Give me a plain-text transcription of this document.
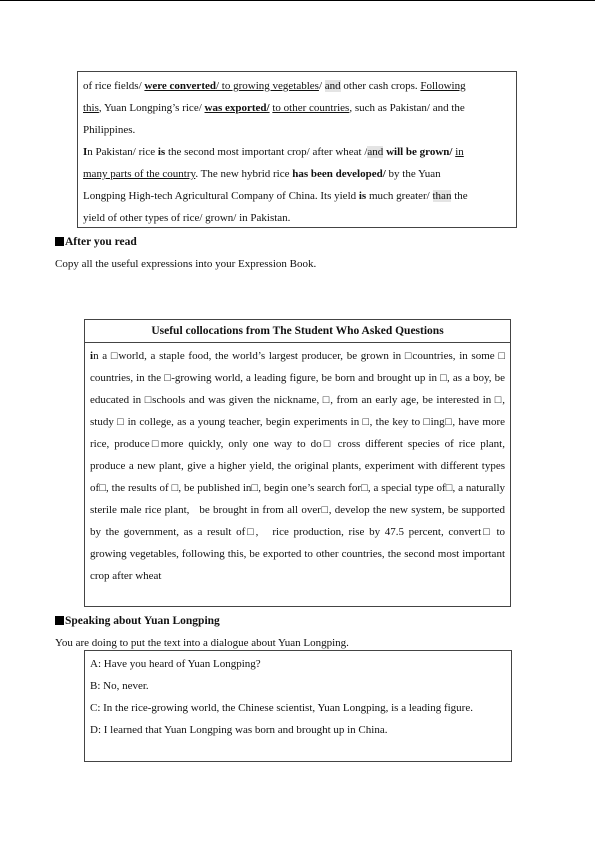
of rice fields/ were converted/ to growing vegetables/ and other cash crops. Following

this, Yuan Longping’s rice/ was exported/ to other countries, such as Pakistan/ and the

Philippines.

In Pakistan/ rice is the second most important crop/ after wheat /and will be grown/ in

many parts of the country. The new hybrid rice has been developed/ by the Yuan

Longping High-tech Agricultural Company of China. Its yield is much greater/ than the

yield of other types of rice/ grown/ in Pakistan.

After you read
Copy all the useful expressions into your Expression Book.
Useful collocations from The Student Who Asked Questions

in a □world, a staple food, the world’s largest producer, be grown in □countries, in some □ countries, in the □-growing world, a leading figure, be born and brought up in □, as a boy, be educated in □schools and was given the nickname, □, from an early age, be interested in □, study □ in college, as a young teacher, begin experiments in □, the key to □ing□, have more rice, produce□more quickly, only one way to do□ cross different species of rice plant, produce a new plant, give a higher yield, the original plants, experiment with different types of□, the results of □, be published in□, begin one’s search for□, a special type of□, a naturally sterile male rice plant,   be brought in from all over□, develop the new system, be supported by the government, as a result of□,   rice production, rise by 47.5 percent, convert□ to growing vegetables, following this, be exported to other countries, the second most important crop after wheat

Speaking about Yuan Longping
You are doing to put the text into a dialogue about Yuan Longping.

A: Have you heard of Yuan Longping?

B: No, never.

C: In the rice-growing world, the Chinese scientist, Yuan Longping, is a leading figure.

D: I learned that Yuan Longping was born and brought up in China.
